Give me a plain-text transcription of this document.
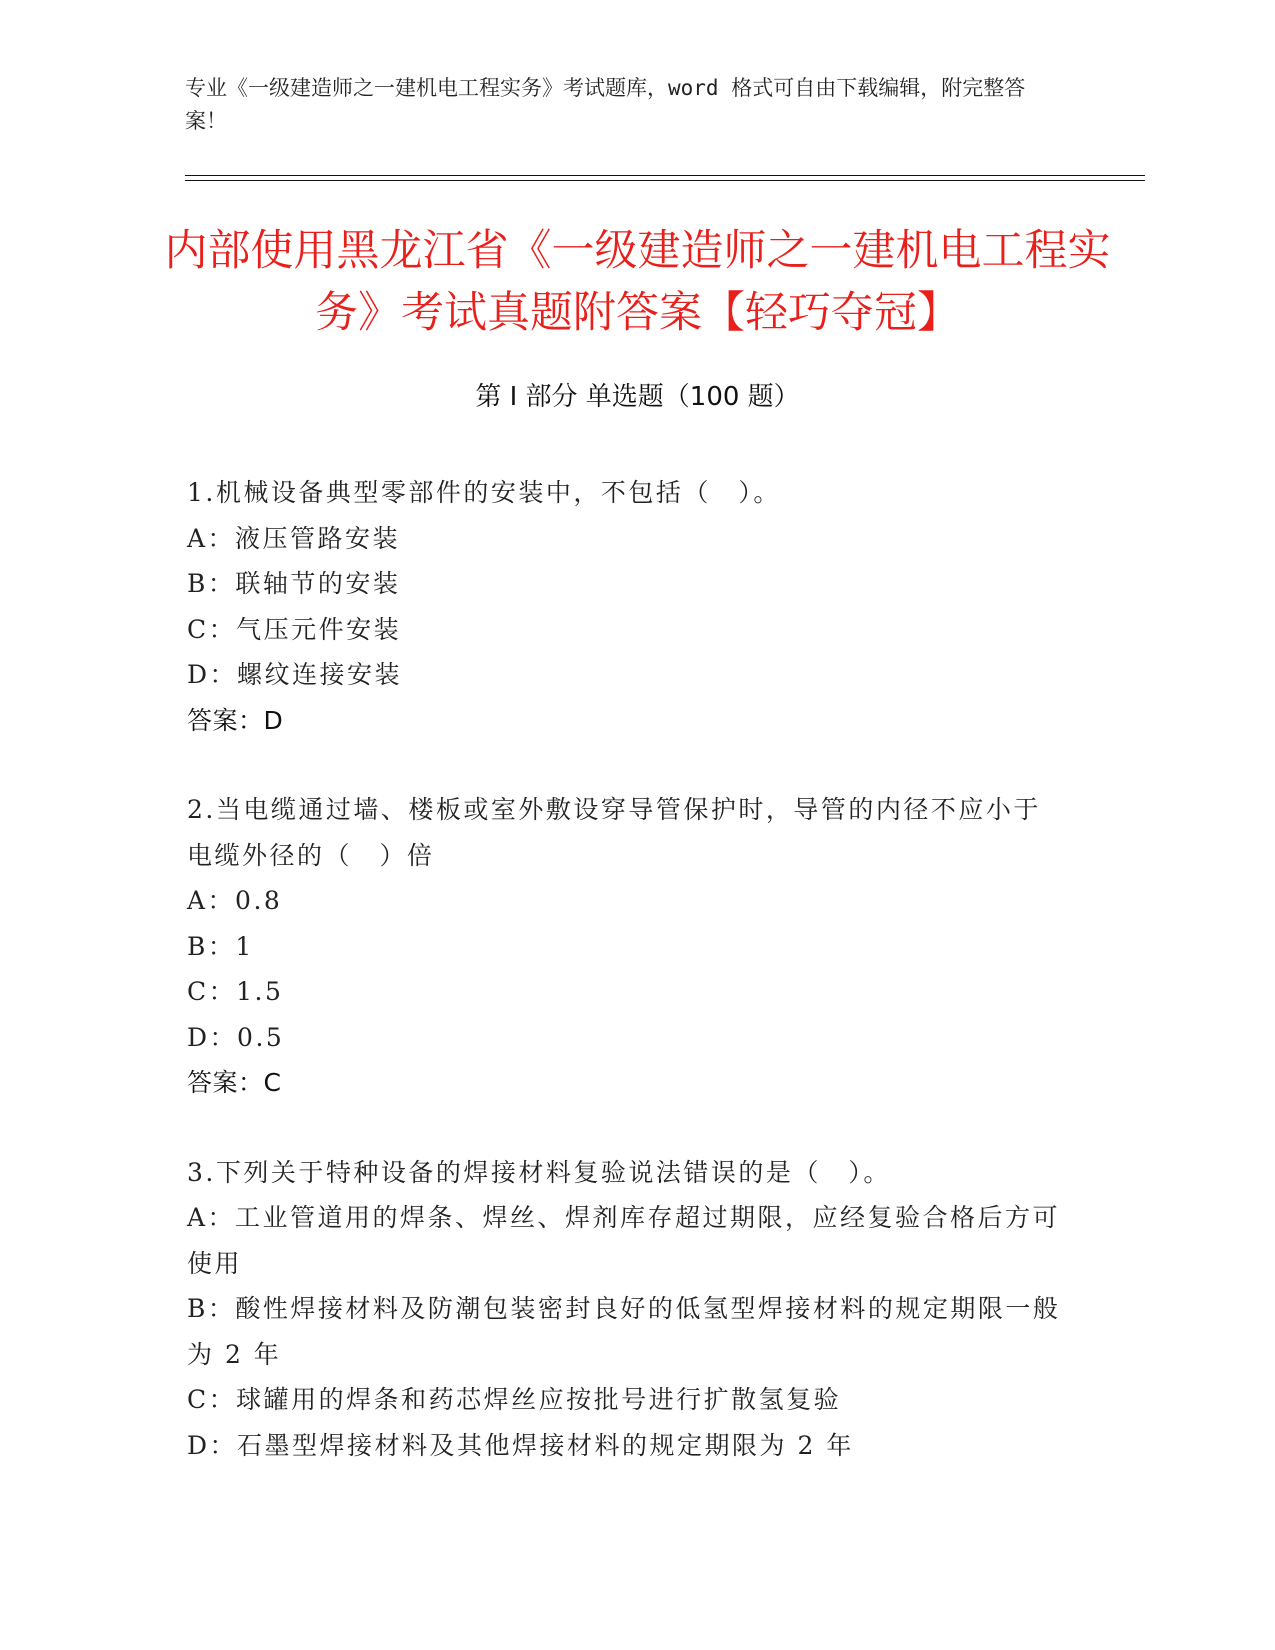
专业《一级建造师之一建机电工程实务》考试题库，word 格式可自由下载编辑，附完整答案！
内部使用黑龙江省《一级建造师之一建机电工程实务》考试真题附答案【轻巧夺冠】
第 I 部分 单选题（100 题）

1.机械设备典型零部件的安装中，不包括（　）。

A：液压管路安装

B：联轴节的安装

C：气压元件安装

D：螺纹连接安装

答案：D

2.当电缆通过墙、楼板或室外敷设穿导管保护时，导管的内径不应小于电缆外径的（　）倍

A：0.8

B：1

C：1.5

D：0.5

答案：C

3.下列关于特种设备的焊接材料复验说法错误的是（　）。

A：工业管道用的焊条、焊丝、焊剂库存超过期限，应经复验合格后方可使用

B：酸性焊接材料及防潮包装密封良好的低氢型焊接材料的规定期限一般为 2 年

C：球罐用的焊条和药芯焊丝应按批号进行扩散氢复验

D：石墨型焊接材料及其他焊接材料的规定期限为 2 年
